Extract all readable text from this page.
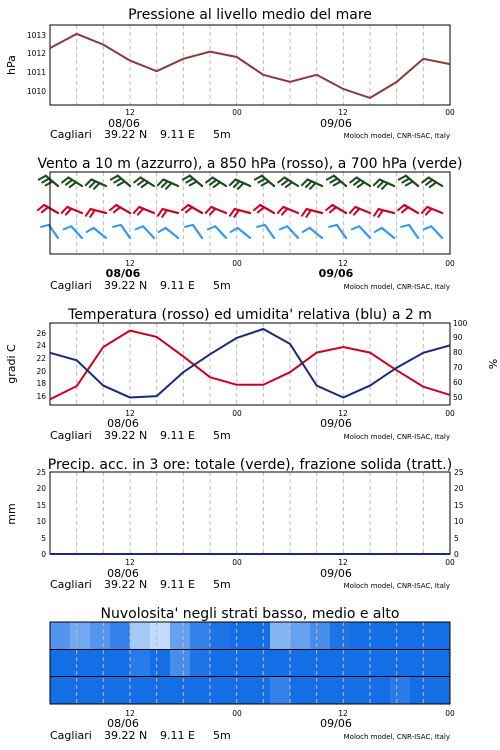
Pressione al livello medio del mare
1013
1012
1011
1010
hPa
12	00	12	00
08/06	09/06
Cagliari 39.22 N 9.11 E 5m	Moloch model, CNR-ISAC, Italy
Vento a 10 m (azzurro), a 850 hPa (rosso), a 700 hPa (verde)
12	00	12	00
08/06	09/06
Cagliari 39.22 N 9.11 E 5m	Moloch model, CNR-ISAC, Italy
Temperatura (rosso) ed umidita' relativa (blu) a 2 m
16
18
20
22
24
26
50
60
70
80
90
100
gradi C	%
12	00	12	00
08/06	09/06
Cagliari 39.22 N 9.11 E 5m	Moloch model, CNR-ISAC, Italy
Precip. acc. in 3 ore: totale (verde), frazione solida (tratt.)
0
5
10
15
20
25
0
5
10
15
20
25
mm
12	00	12	00
08/06	09/06
Cagliari 39.22 N 9.11 E 5m	Moloch model, CNR-ISAC, Italy
Nuvolosita' negli strati basso, medio e alto
12	00	12	00
08/06	09/06
Cagliari 39.22 N 9.11 E 5m	Moloch model, CNR-ISAC, Italy
